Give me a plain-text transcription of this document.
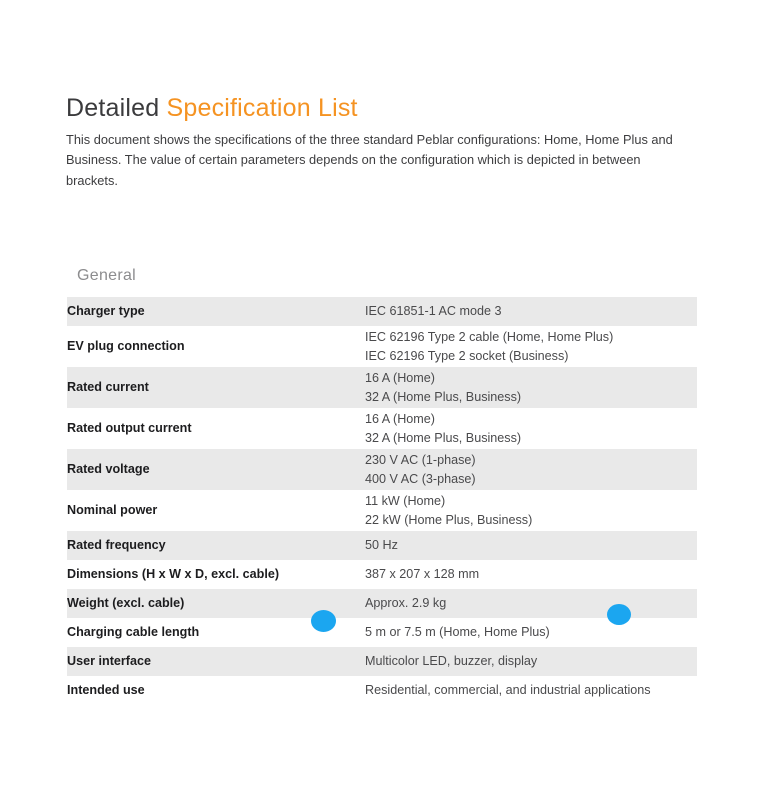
Detailed Specification List

This document shows the specifications of the three standard Peblar configurations: Home, Home Plus and Business. The value of certain parameters depends on the configuration which is depicted in between brackets.

General
Charger type	IEC 61851-1 AC mode 3

EV plug connection	IEC 62196 Type 2 cable (Home, Home Plus)
IEC 62196 Type 2 socket (Business)

Rated current	16 A (Home)
32 A (Home Plus, Business)

Rated output current	16 A (Home)
32 A (Home Plus, Business)

Rated voltage	230 V AC (1-phase)
400 V AC (3-phase)

Nominal power	11 kW (Home)
22 kW (Home Plus, Business)

Rated frequency	50 Hz

Dimensions (H x W x D, excl. cable)	387 x 207 x 128 mm

Weight (excl. cable)	Approx. 2.9 kg

Charging cable length	5 m or 7.5 m (Home, Home Plus)

User interface	Multicolor LED, buzzer, display

Intended use	Residential, commercial, and industrial applications
